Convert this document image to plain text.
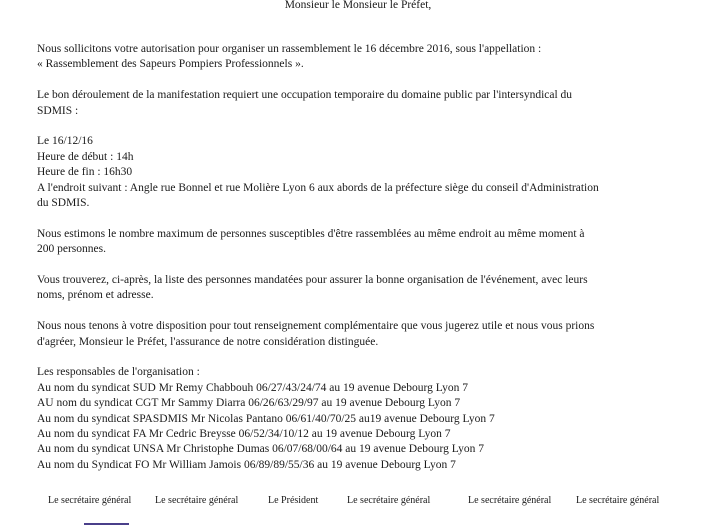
Monsieur le Monsieur le Préfet,

Nous sollicitons votre autorisation pour organiser un rassemblement le 16 décembre 2016, sous l'appellation :
« Rassemblement des Sapeurs Pompiers Professionnels ».

Le bon déroulement de la manifestation requiert une occupation temporaire du domaine public par l'intersyndical du
SDMIS :

Le 16/12/16
Heure de début : 14h
Heure de fin : 16h30
A l'endroit suivant : Angle rue Bonnel et rue Molière Lyon 6 aux abords de la préfecture siège du conseil d'Administration
du SDMIS.

Nous estimons le nombre maximum de personnes susceptibles d'être rassemblées au même endroit au même moment à
200 personnes.

Vous trouverez, ci-après, la liste des personnes mandatées pour assurer la bonne organisation de l'événement, avec leurs
noms, prénom et adresse.

Nous nous tenons à votre disposition pour tout renseignement complémentaire que vous jugerez utile et nous vous prions
d'agréer, Monsieur le Préfet, l'assurance de notre considération distinguée.

Les responsables de l'organisation :
Au nom du syndicat SUD Mr Remy Chabbouh 06/27/43/24/74 au 19 avenue Debourg Lyon 7
AU nom du syndicat CGT Mr Sammy Diarra 06/26/63/29/97 au 19 avenue Debourg Lyon 7
Au nom du syndicat SPASDMIS Mr Nicolas Pantano 06/61/40/70/25 au19 avenue Debourg Lyon 7
Au nom du syndicat FA Mr Cedric Breysse 06/52/34/10/12 au 19 avenue Debourg Lyon 7
Au nom du syndicat UNSA Mr Christophe Dumas 06/07/68/00/64 au 19 avenue Debourg Lyon 7
Au nom du Syndicat FO Mr William Jamois 06/89/89/55/36 au 19 avenue Debourg Lyon 7

Le secrétaire général Le secrétaire général	Le Président	Le secrétaire général	Le secrétaire général Le secrétaire général
